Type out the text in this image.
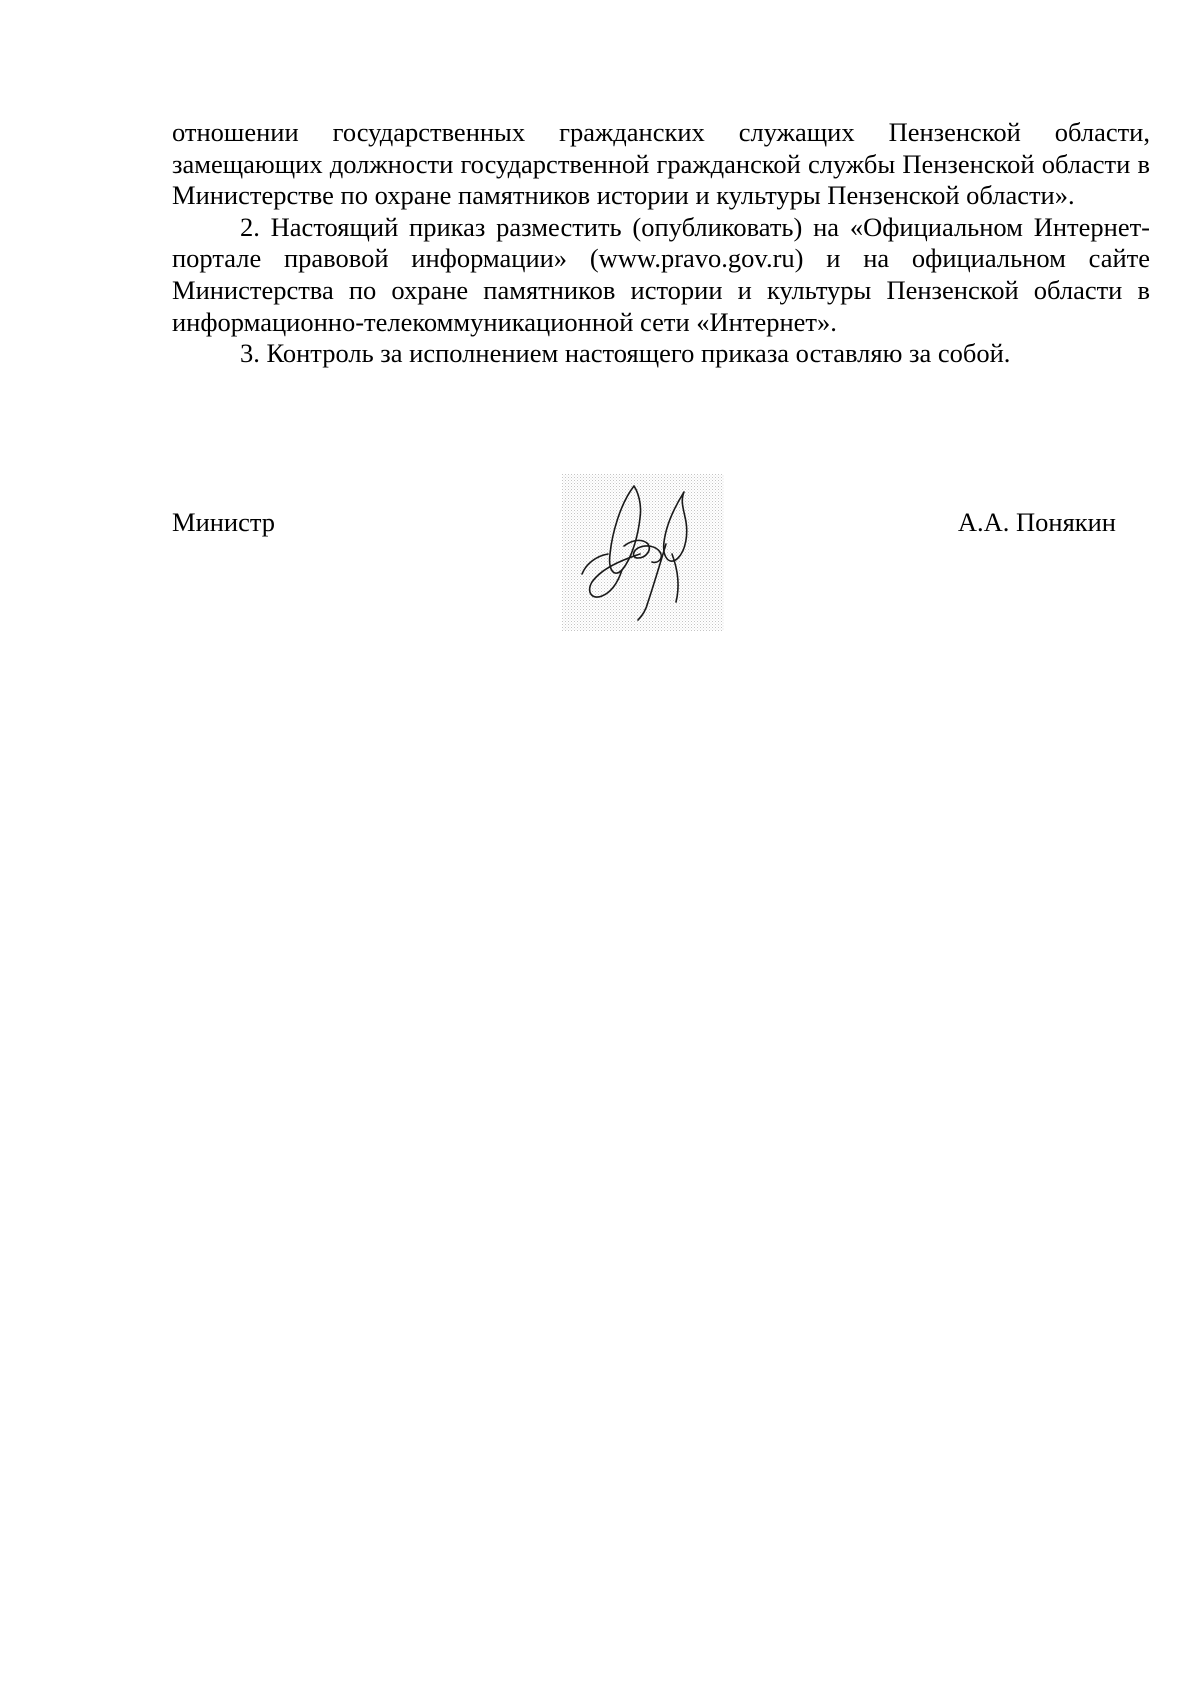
отношении государственных гражданских служащих Пензенской области, замещающих должности государственной гражданской службы Пензенской области в Министерстве по охране памятников истории и культуры Пензенской области».

2. Настоящий приказ разместить (опубликовать) на «Официальном Интернет-портале правовой информации» (www.pravo.gov.ru) и на официальном сайте Министерства по охране памятников истории и культуры Пензенской области в информационно-телекоммуникационной сети «Интернет».

3. Контроль за исполнением настоящего приказа оставляю за собой.

Министр	А.А. Понякин
